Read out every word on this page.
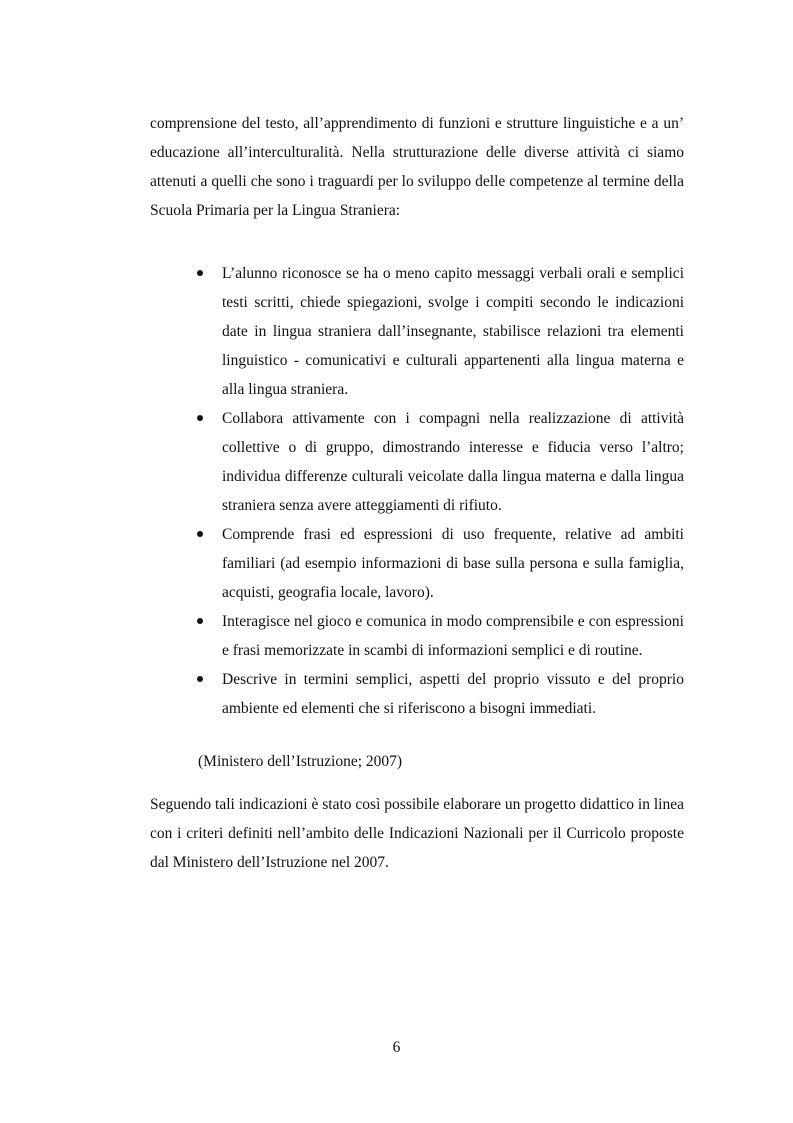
comprensione del testo, all’apprendimento di funzioni e strutture linguistiche e a un’ educazione all’interculturalità. Nella strutturazione delle diverse attività ci siamo attenuti a quelli che sono i traguardi per lo sviluppo delle competenze al termine della Scuola Primaria per la Lingua Straniera:

L’alunno riconosce se ha o meno capito messaggi verbali orali e semplici testi scritti, chiede spiegazioni, svolge i compiti secondo le indicazioni date in lingua straniera dall’insegnante, stabilisce relazioni tra elementi linguistico - comunicativi e culturali appartenenti alla lingua materna e alla lingua straniera.
Collabora attivamente con i compagni nella realizzazione di attività collettive o di gruppo, dimostrando interesse e fiducia verso l’altro; individua differenze culturali veicolate dalla lingua materna e dalla lingua straniera senza avere atteggiamenti di rifiuto.
Comprende frasi ed espressioni di uso frequente, relative ad ambiti familiari (ad esempio informazioni di base sulla persona e sulla famiglia, acquisti, geografia locale, lavoro).
Interagisce nel gioco e comunica in modo comprensibile e con espressioni e frasi memorizzate in scambi di informazioni semplici e di routine.
Descrive in termini semplici, aspetti del proprio vissuto e del proprio ambiente ed elementi che si riferiscono a bisogni immediati.

(Ministero dell’Istruzione; 2007)

Seguendo tali indicazioni è stato così possibile elaborare un progetto didattico in linea con i criteri definiti nell’ambito delle Indicazioni Nazionali per il Curricolo proposte dal Ministero dell’Istruzione nel 2007.

6
